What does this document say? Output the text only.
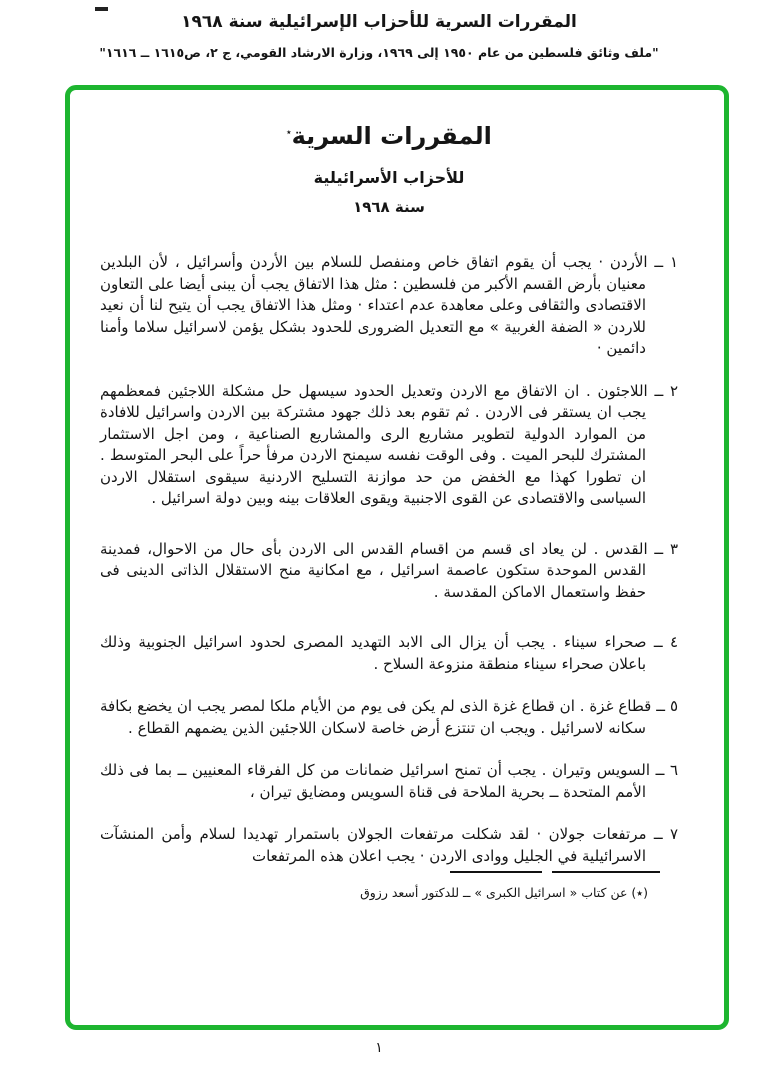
المقررات السرية للأحزاب الإسرائيلية سنة ١٩٦٨
"ملف وثائق فلسطين من عام ١٩٥٠ إلى ١٩٦٩، وزارة الارشاد القومي، ج ٢، ص١٦١٥ ــ ١٦١٦"
المقررات السرية٭
للأحزاب الأسرائيلية
سنة ١٩٦٨
١ ــ الأردن · يجب أن يقوم اتفاق خاص ومنفصل للسلام بين الأردن وأسرائيل ، لأن البلدين معنيان بأرض القسم الأكبر من فلسطين : مثل هذا الاتفاق يجب أن يبنى أيضا على التعاون الاقتصادى والثقافى وعلى معاهدة عدم اعتداء · ومثل هذا الاتفاق يجب أن يتيح لنا أن نعيد للاردن « الضفة الغربية » مع التعديل الضرورى للحدود بشكل يؤمن لاسرائيل سلاما وأمنا دائمين ·
٢ ــ اللاجئون . ان الاتفاق مع الاردن وتعديل الحدود سيسهل حل مشكلة اللاجئين فمعظمهم يجب ان يستقر فى الاردن . ثم تقوم بعد ذلك جهود مشتركة بين الاردن واسرائيل للافادة من الموارد الدولية لتطوير مشاريع الرى والمشاريع الصناعية ، ومن اجل الاستثمار المشترك للبحر الميت . وفى الوقت نفسه سيمنح الاردن مرفأ حراً على البحر المتوسط . ان تطورا كهذا مع الخفض من حد موازنة التسليح الاردنية سيقوى استقلال الاردن السياسى والاقتصادى عن القوى الاجنبية ويقوى العلاقات بينه وبين دولة اسرائيل .
٣ ــ القدس . لن يعاد اى قسم من اقسام القدس الى الاردن بأى حال من الاحوال، فمدينة القدس الموحدة ستكون عاصمة اسرائيل ، مع امكانية منح الاستقلال الذاتى الدينى فى حفظ واستعمال الاماكن المقدسة .
٤ ــ صحراء سيناء . يجب أن يزال الى الابد التهديد المصرى لحدود اسرائيل الجنوبية وذلك باعلان صحراء سيناء منطقة منزوعة السلاح .
٥ ــ قطاع غزة . ان قطاع غزة الذى لم يكن فى يوم من الأيام ملكا لمصر يجب ان يخضع بكافة سكانه لاسرائيل . ويجب ان تنتزع أرض خاصة لاسكان اللاجئين الذين يضمهم القطاع .
٦ ــ السويس وتيران . يجب أن تمنح اسرائيل ضمانات من كل الفرقاء المعنيين ــ بما فى ذلك الأمم المتحدة ــ بحرية الملاحة فى قناة السويس ومضايق تيران ،
٧ ــ مرتفعات جولان · لقد شكلت مرتفعات الجولان باستمرار تهديدا لسلام وأمن المنشآت الاسرائيلية في الجليل ووادى الاردن · يجب اعلان هذه المرتفعات
(٭) عن كتاب « اسرائيل الكبرى » ــ للدكتور أسعد رزوق
١
